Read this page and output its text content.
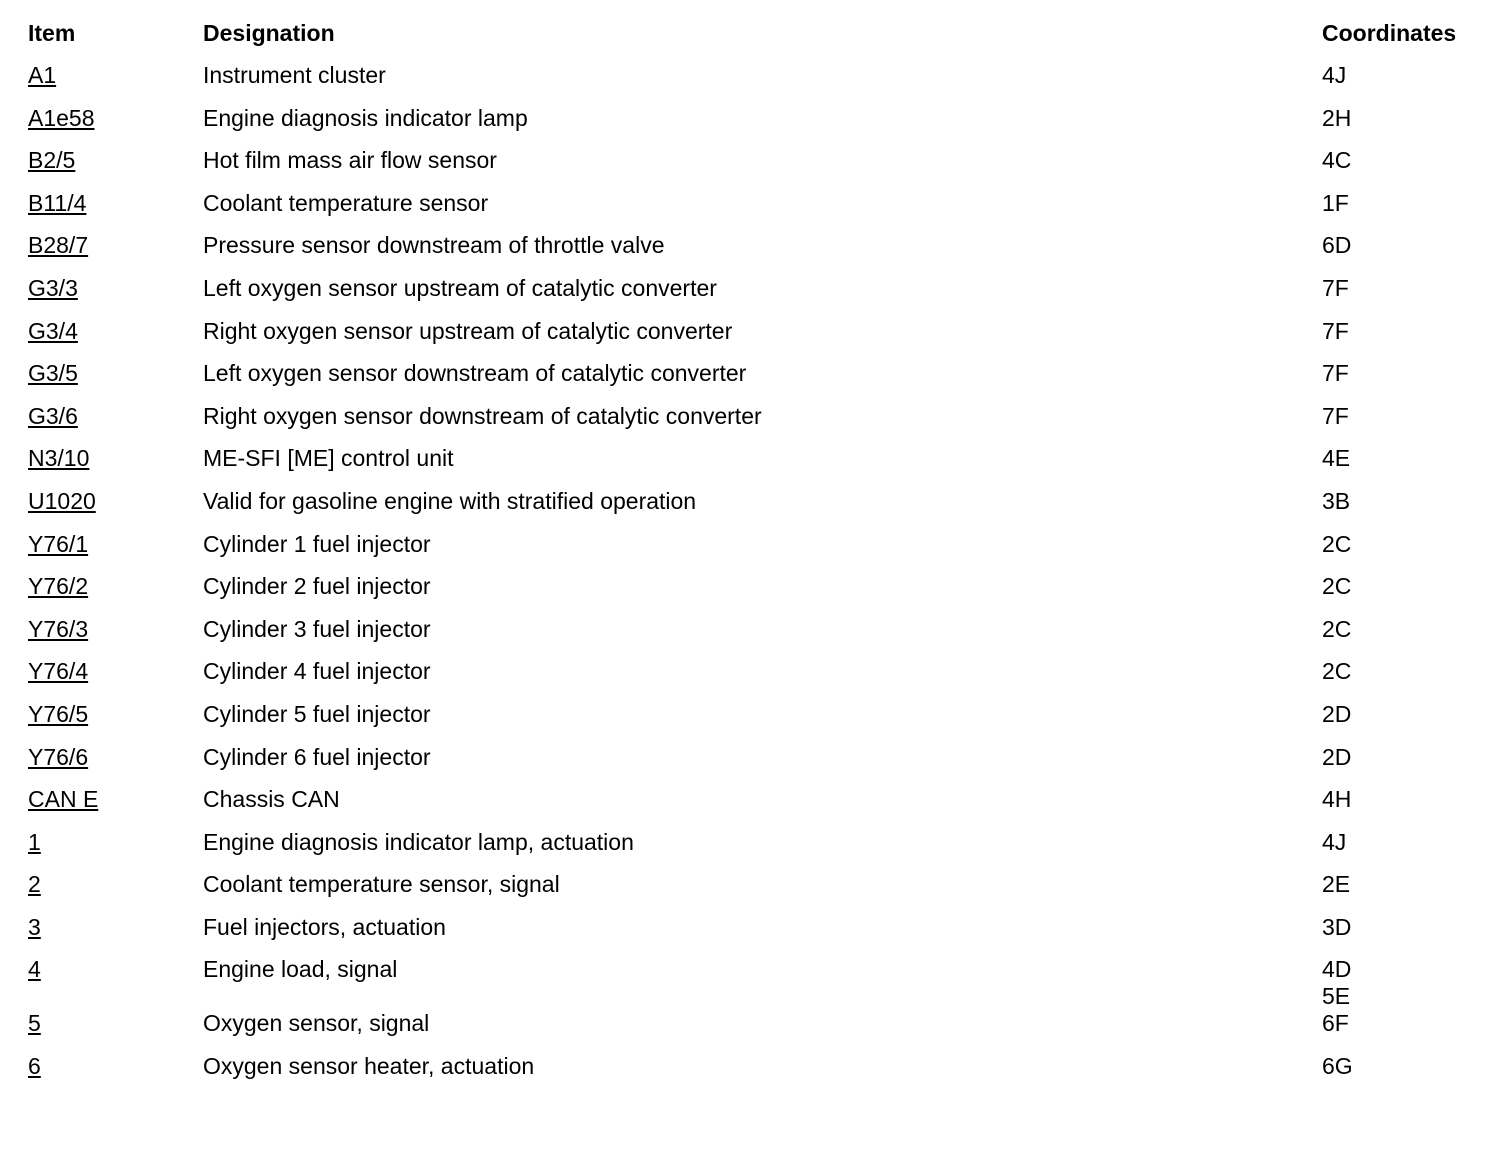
Item	Designation	Coordinates
A1	Instrument cluster	4J
A1e58	Engine diagnosis indicator lamp	2H
B2/5	Hot film mass air flow sensor	4C
B11/4	Coolant temperature sensor	1F
B28/7	Pressure sensor downstream of throttle valve	6D
G3/3	Left oxygen sensor upstream of catalytic converter	7F
G3/4	Right oxygen sensor upstream of catalytic converter	7F
G3/5	Left oxygen sensor downstream of catalytic converter	7F
G3/6	Right oxygen sensor downstream of catalytic converter	7F
N3/10	ME-SFI [ME] control unit	4E
U1020	Valid for gasoline engine with stratified operation	3B
Y76/1	Cylinder 1 fuel injector	2C
Y76/2	Cylinder 2 fuel injector	2C
Y76/3	Cylinder 3 fuel injector	2C
Y76/4	Cylinder 4 fuel injector	2C
Y76/5	Cylinder 5 fuel injector	2D
Y76/6	Cylinder 6 fuel injector	2D
CAN E	Chassis CAN	4H
1	Engine diagnosis indicator lamp, actuation	4J
2	Coolant temperature sensor, signal	2E
3	Fuel injectors, actuation	3D
4	Engine load, signal	4D
5E
5	Oxygen sensor, signal	6F
6	Oxygen sensor heater, actuation	6G
